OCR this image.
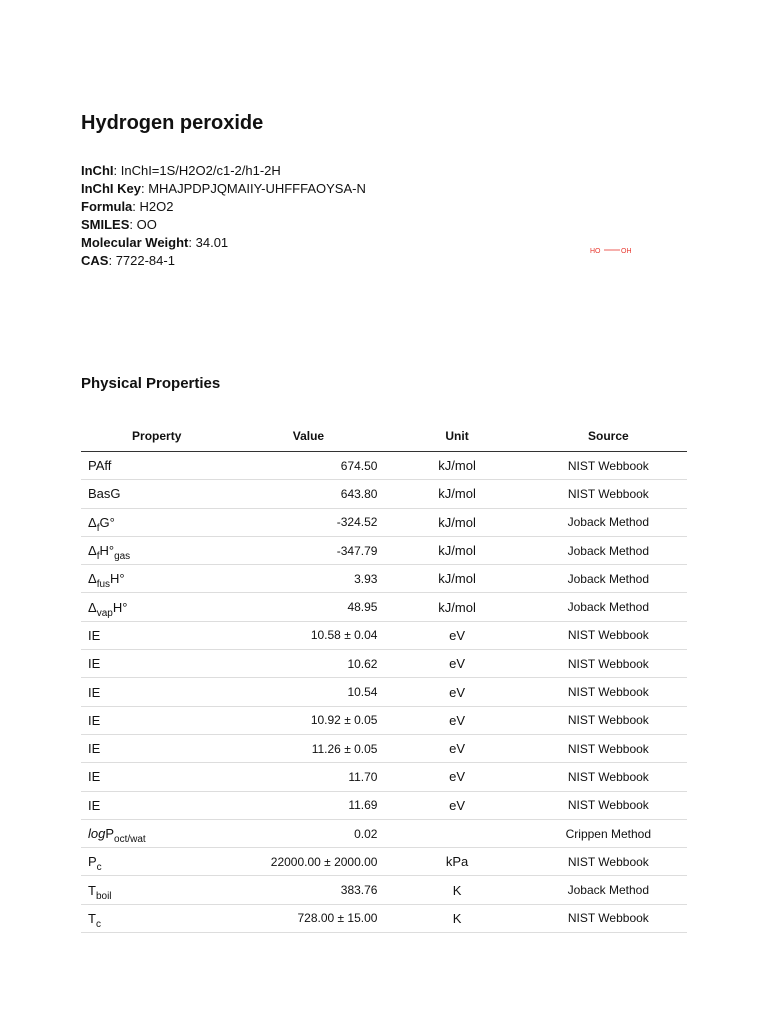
Hydrogen peroxide
InChI: InChI=1S/H2O2/c1-2/h1-2H
InChI Key: MHAJPDPJQMAIIY-UHFFFAOYSA-N
Formula: H2O2
SMILES: OO
Molecular Weight: 34.01
CAS: 7722-84-1
HO	OH
Physical Properties
Property	Value	Unit	Source
PAff	674.50	kJ/mol	NIST Webbook
BasG	643.80	kJ/mol	NIST Webbook
$\Delta_fG^\circ$	-324.52	kJ/mol	Joback Method
$\Delta_fH^\circ_{gas}$	-347.79	kJ/mol	Joback Method
$\Delta_{fus}H^\circ$	3.93	kJ/mol	Joback Method
$\Delta_{vap}H^\circ$	48.95	kJ/mol	Joback Method
IE	10.58 ± 0.04	eV	NIST Webbook
IE	10.62	eV	NIST Webbook
IE	10.54	eV	NIST Webbook
IE	10.92 ± 0.05	eV	NIST Webbook
IE	11.26 ± 0.05	eV	NIST Webbook
IE	11.70	eV	NIST Webbook
IE	11.69	eV	NIST Webbook
logP$_{oct/wat}$	0.02		Crippen Method
$P_c$	22000.00 ± 2000.00	kPa	NIST Webbook
$T_{boil}$	383.76	K	Joback Method
$T_c$	728.00 ± 15.00	K	NIST Webbook
